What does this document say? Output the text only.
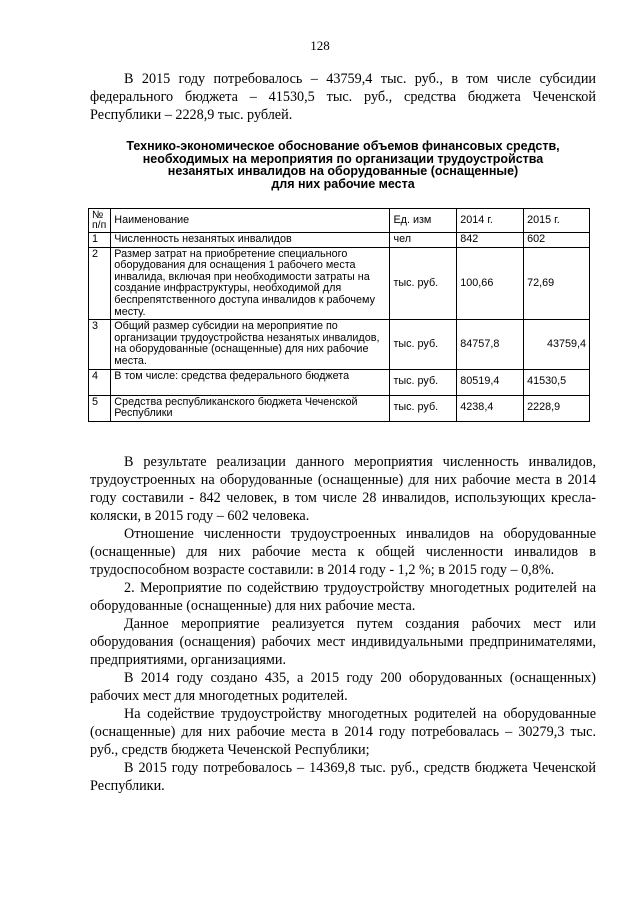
128

В 2015 году потребовалось – 43759,4 тыс. руб., в том числе субсидии федерального бюджета – 41530,5 тыс. руб., средства бюджета Чеченской Республики – 2228,9 тыс. рублей.

Технико-экономическое обоснование объемов финансовых средств,
необходимых на мероприятия по организации трудоустройства
незанятых инвалидов на оборудованные (оснащенные)
для них рабочие места
№ п/п	Наименование	Ед. изм	2014 г.	2015 г.
1	Численность незанятых инвалидов	чел	842	602
2	Размер затрат на приобретение специального оборудования для оснащения 1 рабочего места инвалида, включая при необходимости затраты на создание инфраструктуры, необходимой для беспрепятственного доступа инвалидов к рабочему месту.	тыс. руб.	100,66	72,69
3	Общий размер субсидии на мероприятие по организации трудоустройства незанятых инвалидов, на оборудованные (оснащенные) для них рабочие места.	тыс. руб.	84757,8	43759,4
4	В том числе: средства федерального бюджета	тыс. руб.	80519,4	41530,5
5	Средства республиканского бюджета Чеченской Республики	тыс. руб.	4238,4	2228,9

В результате реализации данного мероприятия численность инвалидов, трудоустроенных на оборудованные (оснащенные) для них рабочие места в 2014 году составили - 842 человек, в том числе 28 инвалидов, использующих кресла-коляски, в 2015 году – 602 человека.

Отношение численности трудоустроенных инвалидов на оборудованные (оснащенные) для них рабочие места к общей численности инвалидов в трудоспособном возрасте составили: в 2014 году - 1,2 %; в 2015 году – 0,8%.

2. Мероприятие по содействию трудоустройству многодетных родителей на оборудованные (оснащенные) для них рабочие места.

Данное мероприятие реализуется путем создания рабочих мест или оборудования (оснащения) рабочих мест индивидуальными предпринимателями, предприятиями, организациями.

В 2014 году создано 435, а 2015 году 200 оборудованных (оснащенных) рабочих мест для многодетных родителей.

На содействие трудоустройству многодетных родителей на оборудованные (оснащенные) для них рабочие места в 2014 году потребовалась – 30279,3 тыс. руб., средств бюджета Чеченской Республики;

В 2015 году потребовалось – 14369,8 тыс. руб., средств бюджета Чеченской Республики.
